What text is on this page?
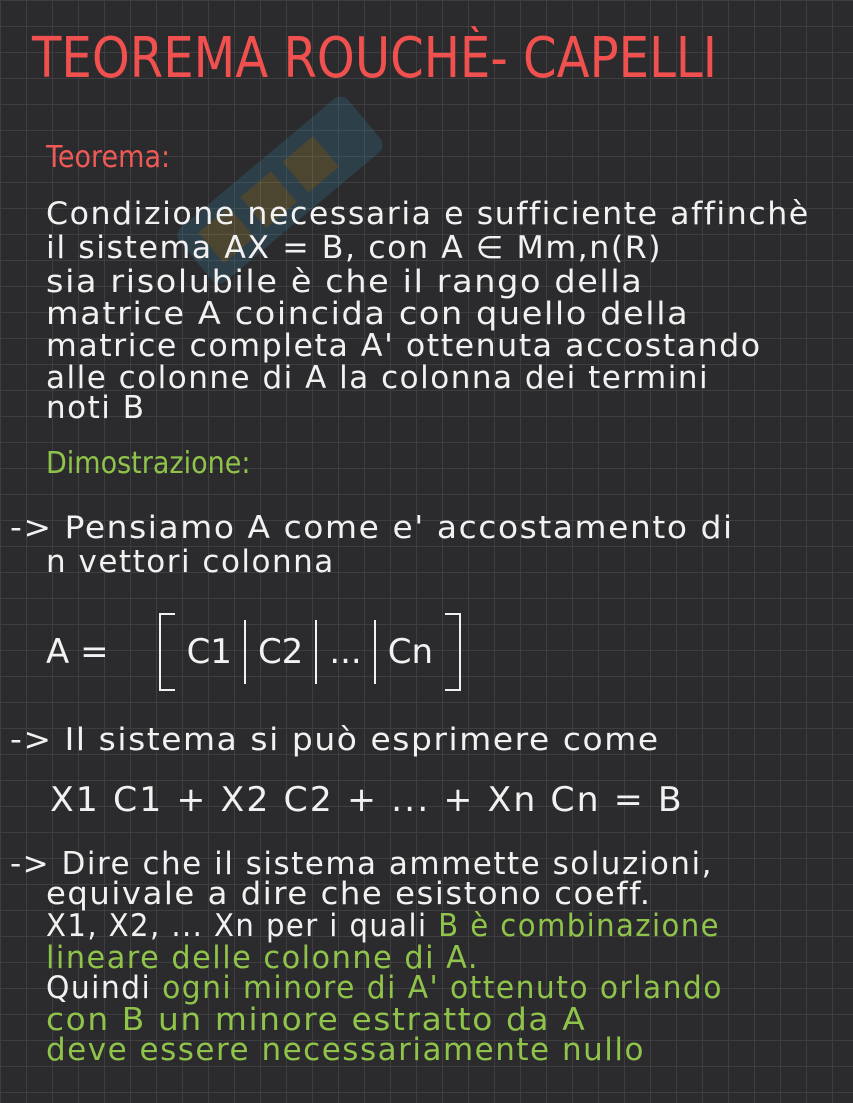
TEOREMA ROUCHÈ- CAPELLI
Teorema:
Condizione necessaria e sufficiente affinchè
il sistema AX = B, con A ∈ Mm,n(R)
sia risolubile è che il rango della
matrice A coincida con quello della
matrice completa A' ottenuta accostando
alle colonne di A la colonna dei termini
noti B
Dimostrazione:
-> Pensiamo A come e' accostamento di
n vettori colonna
A =	C1 C2 ... Cn
-> Il sistema si può esprimere come
X1 C1 + X2 C2 + ... + Xn Cn = B
-> Dire che il sistema ammette soluzioni,
equivale a dire che esistono coeff.
X1, X2, ... Xn per i quali B è combinazione
lineare delle colonne di A.
Quindi ogni minore di A' ottenuto orlando
con B un minore estratto da A
deve essere necessariamente nullo
